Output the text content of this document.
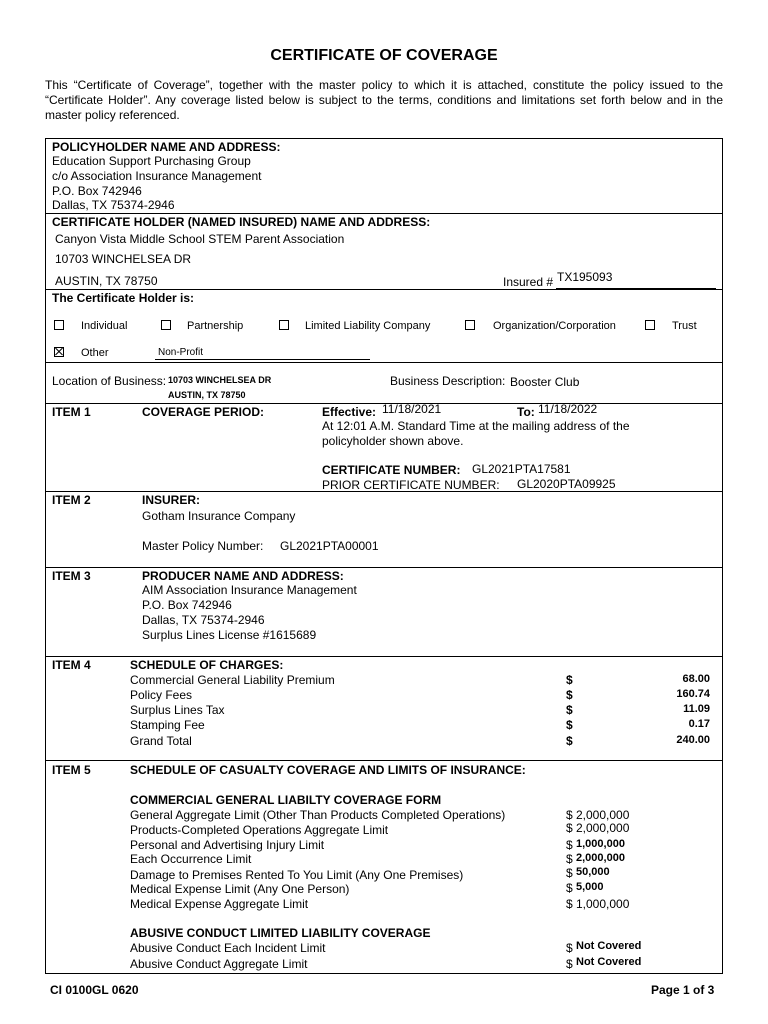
CERTIFICATE OF COVERAGE
This “Certificate of Coverage”, together with the master policy to which it is attached, constitute the policy issued to the “Certificate Holder”. Any coverage listed below is subject to the terms, conditions and limitations set forth below and in the master policy referenced.
POLICYHOLDER NAME AND ADDRESS:
Education Support Purchasing Group
c/o Association Insurance Management
P.O. Box 742946
Dallas, TX 75374-2946
CERTIFICATE HOLDER (NAMED INSURED) NAME AND ADDRESS:
Canyon Vista Middle School STEM Parent Association
10703 WINCHELSEA DR
AUSTIN, TX 78750	Insured # TX195093
The Certificate Holder is:
Individual	Partnership	Limited Liability Company	Organization/Corporation	Trust
Other	Non-Profit
Location of Business: 10703 WINCHELSEA DR
AUSTIN, TX 78750
Business Description: Booster Club
ITEM 1	COVERAGE PERIOD:	Effective: 11/18/2021	To: 11/18/2022
At 12:01 A.M. Standard Time at the mailing address of the
policyholder shown above.
CERTIFICATE NUMBER: GL2021PTA17581
PRIOR CERTIFICATE NUMBER: GL2020PTA09925
ITEM 2	INSURER:
Gotham Insurance Company
Master Policy Number: GL2021PTA00001
ITEM 3	PRODUCER NAME AND ADDRESS:
AIM Association Insurance Management
P.O. Box 742946
Dallas, TX 75374-2946
Surplus Lines License #1615689
ITEM 4	SCHEDULE OF CHARGES:
Commercial General Liability Premium	$	68.00
Policy Fees	$	160.74
Surplus Lines Tax	$	11.09
Stamping Fee	$	0.17
Grand Total	$	240.00
ITEM 5	SCHEDULE OF CASUALTY COVERAGE AND LIMITS OF INSURANCE:
COMMERCIAL GENERAL LIABILTY COVERAGE FORM
General Aggregate Limit (Other Than Products Completed Operations)	$ 2,000,000
Products-Completed Operations Aggregate Limit	$ 2,000,000
Personal and Advertising Injury Limit	$ 1,000,000
Each Occurrence Limit	$ 2,000,000
Damage to Premises Rented To You Limit (Any One Premises)	$ 50,000
Medical Expense Limit (Any One Person)	$ 5,000
Medical Expense Aggregate Limit	$ 1,000,000
ABUSIVE CONDUCT LIMITED LIABILITY COVERAGE
Abusive Conduct Each Incident Limit	$ Not Covered
Abusive Conduct Aggregate Limit	$ Not Covered
CI 0100GL 0620	Page 1 of 3
